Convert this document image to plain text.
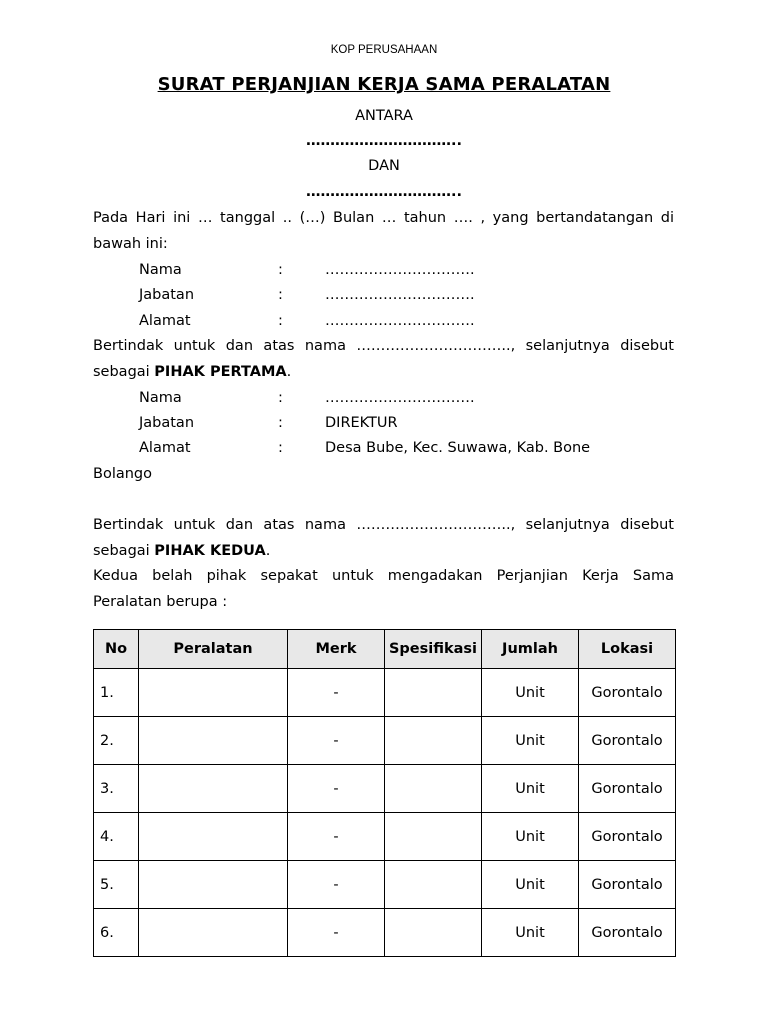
KOP PERUSAHAAN
SURAT PERJANJIAN KERJA SAMA PERALATAN
ANTARA
…………………………..
DAN
…………………………..
Pada Hari ini … tanggal .. (…) Bulan … tahun …. , yang bertandatangan di bawah ini:
Nama	:	………………………….
Jabatan	:	………………………….
Alamat	:	………………………….
Bertindak untuk dan atas nama ………………………….., selanjutnya disebut sebagai PIHAK PERTAMA.
Nama	:	………………………….
Jabatan	:	DIREKTUR
Alamat	:	Desa Bube, Kec. Suwawa, Kab. Bone
Bolango
Bertindak untuk dan atas nama ………………………….., selanjutnya disebut sebagai PIHAK KEDUA.
Kedua belah pihak sepakat untuk mengadakan Perjanjian Kerja Sama
Peralatan berupa :
No	Peralatan	Merk	Spesifikasi	Jumlah	Lokasi
1.		-		Unit	Gorontalo
2.		-		Unit	Gorontalo
3.		-		Unit	Gorontalo
4.		-		Unit	Gorontalo
5.		-		Unit	Gorontalo
6.		-		Unit	Gorontalo
